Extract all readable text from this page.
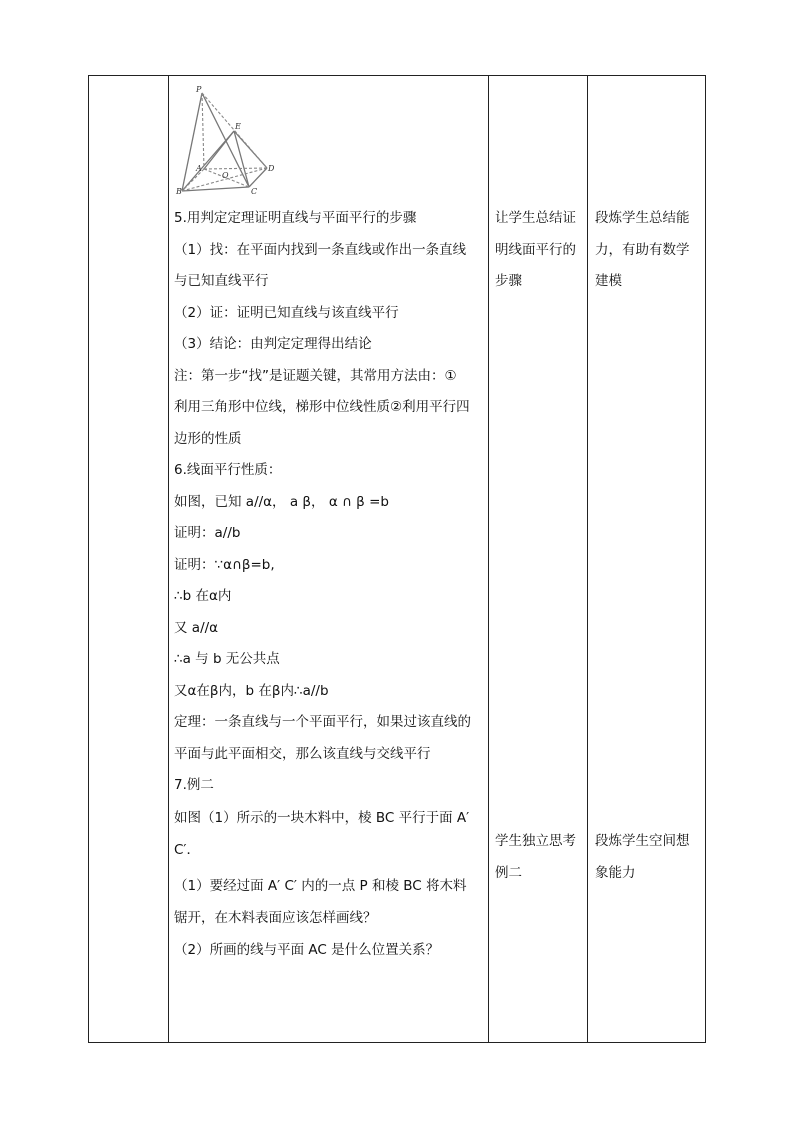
P
E
A
O
D
B	C

5.用判定定理证明直线与平面平行的步骤

（1）找：在平面内找到一条直线或作出一条直线

与已知直线平行

（2）证：证明已知直线与该直线平行

（3）结论：由判定定理得出结论

注：第一步“找”是证题关键，其常用方法由：①

利用三角形中位线，梯形中位线性质②利用平行四

边形的性质

6.线面平行性质：

如图，已知 a//α， a β， α ∩ β =b

证明：a//b

证明：∵α∩β=b,

∴b 在α内

又 a//α

∴a 与 b 无公共点

又α在β内，b 在β内∴a//b

定理：一条直线与一个平面平行，如果过该直线的

平面与此平面相交，那么该直线与交线平行

7.例二

如图（1）所示的一块木料中，棱 BC 平行于面 A′

C′．

（1）要经过面 A′ C′ 内的一点 P 和棱 BC 将木料

锯开，在木料表面应该怎样画线？

（2）所画的线与平面 AC 是什么位置关系？

让学生总结证

明线面平行的

步骤

学生独立思考

例二

段炼学生总结能

力，有助有数学

建模

段炼学生空间想

象能力
